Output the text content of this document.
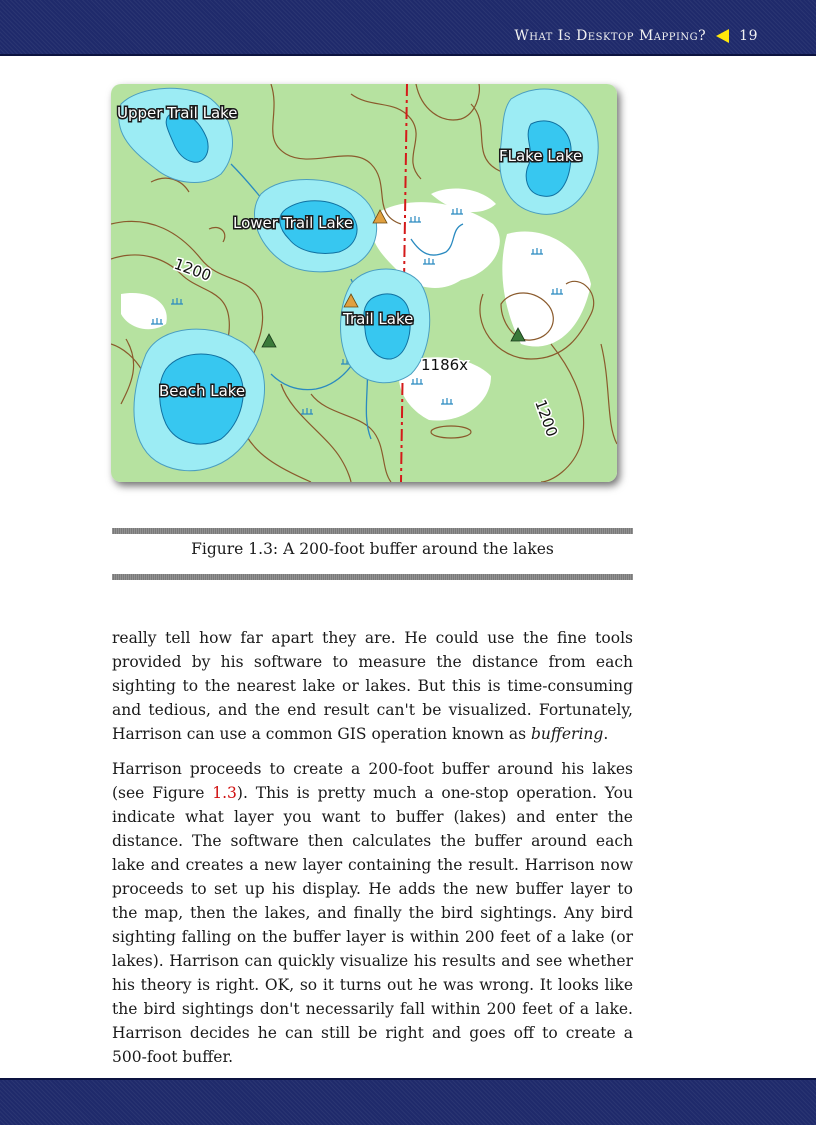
What Is Desktop Mapping? 19
Upper Trail Lake
FLake Lake
Lower Trail Lake
Trail Lake
Beach Lake
1200
1200
1186x
Figure 1.3: A 200-foot buffer around the lakes

really tell how far apart they are. He could use the fine tools provided by his software to measure the distance from each sighting to the nearest lake or lakes. But this is time-consuming and tedious, and the end result can't be visualized. Fortunately, Harrison can use a common GIS operation known as buffering.

Harrison proceeds to create a 200-foot buffer around his lakes (see Figure 1.3). This is pretty much a one-stop operation. You indicate what layer you want to buffer (lakes) and enter the distance. The software then calculates the buffer around each lake and creates a new layer containing the result. Harrison now proceeds to set up his display. He adds the new buffer layer to the map, then the lakes, and finally the bird sightings. Any bird sighting falling on the buffer layer is within 200 feet of a lake (or lakes). Harrison can quickly visualize his results and see whether his theory is right. OK, so it turns out he was wrong. It looks like the bird sightings don't necessarily fall within 200 feet of a lake. Harrison decides he can still be right and goes off to create a 500-foot buffer.
